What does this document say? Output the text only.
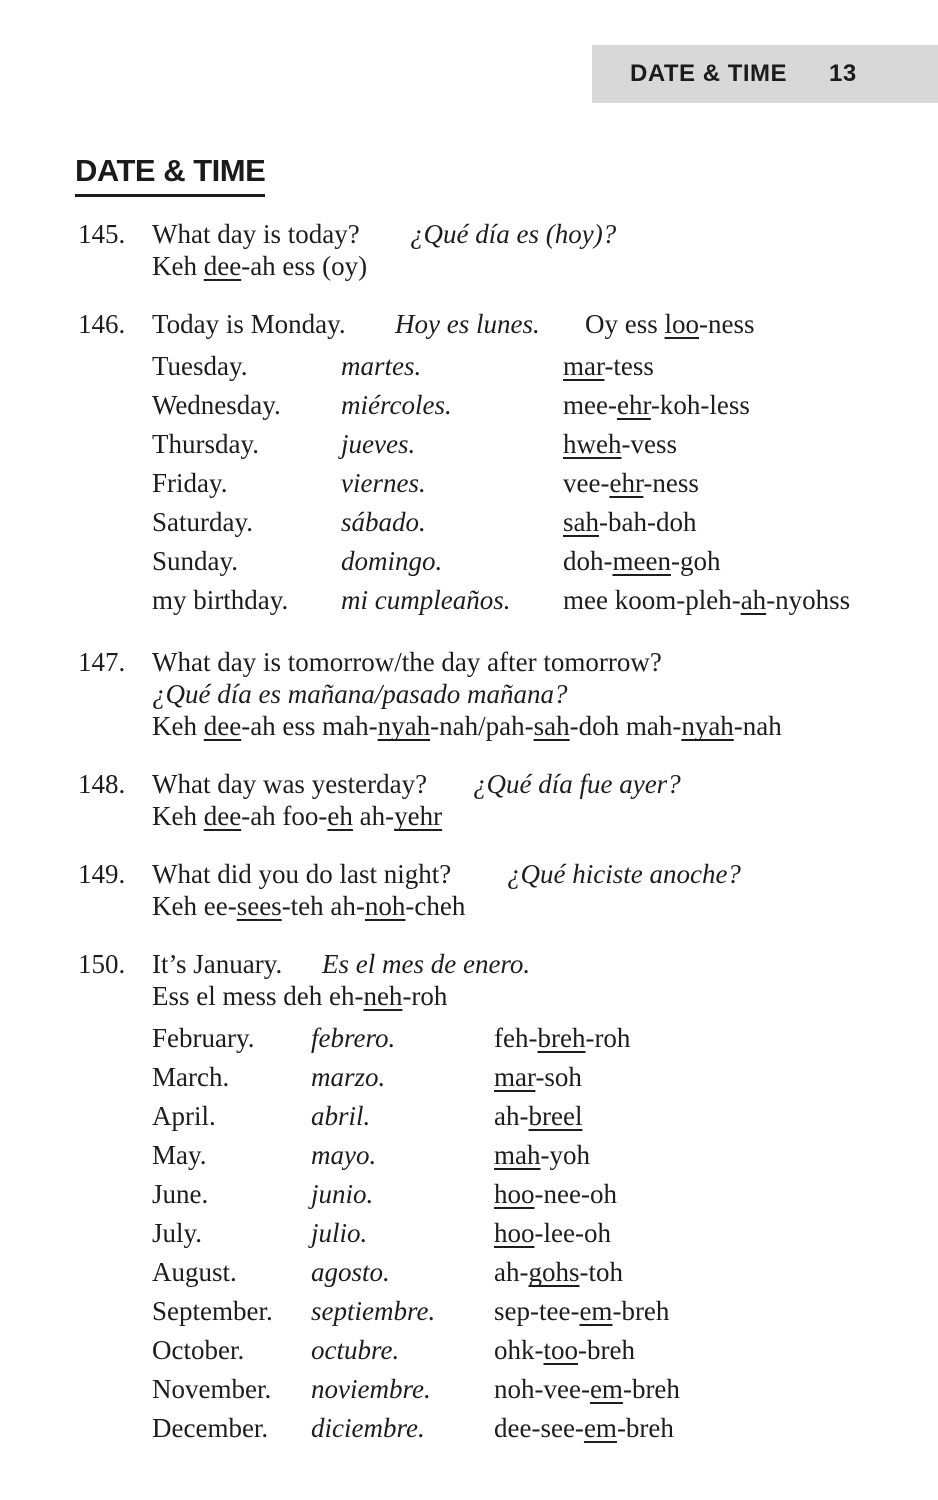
DATE & TIME 13
DATE & TIME
145. What day is today? ¿Qué día es (hoy)?
Keh dee-ah ess (oy)
146. Today is Monday. Hoy es lunes. Oy ess loo-ness
Tuesday.	martes.	mar-tess
Wednesday.	miércoles.	mee-ehr-koh-less
Thursday.	jueves.	hweh-vess
Friday.	viernes.	vee-ehr-ness
Saturday.	sábado.	sah-bah-doh
Sunday.	domingo.	doh-meen-goh
my birthday.	mi cumpleaños.	mee koom-pleh-ah-nyohss
147. What day is tomorrow/the day after tomorrow?
¿Qué día es mañana/pasado mañana?
Keh dee-ah ess mah-nyah-nah/pah-sah-doh mah-nyah-nah
148. What day was yesterday? ¿Qué día fue ayer?
Keh dee-ah foo-eh ah-yehr
149. What did you do last night? ¿Qué hiciste anoche?
Keh ee-sees-teh ah-noh-cheh
150. It’s January. Es el mes de enero.
Ess el mess deh eh-neh-roh
February.	febrero.	feh-breh-roh
March.	marzo.	mar-soh
April.	abril.	ah-breel
May.	mayo.	mah-yoh
June.	junio.	hoo-nee-oh
July.	julio.	hoo-lee-oh
August.	agosto.	ah-gohs-toh
September.	septiembre.	sep-tee-em-breh
October.	octubre.	ohk-too-breh
November.	noviembre.	noh-vee-em-breh
December.	diciembre.	dee-see-em-breh
